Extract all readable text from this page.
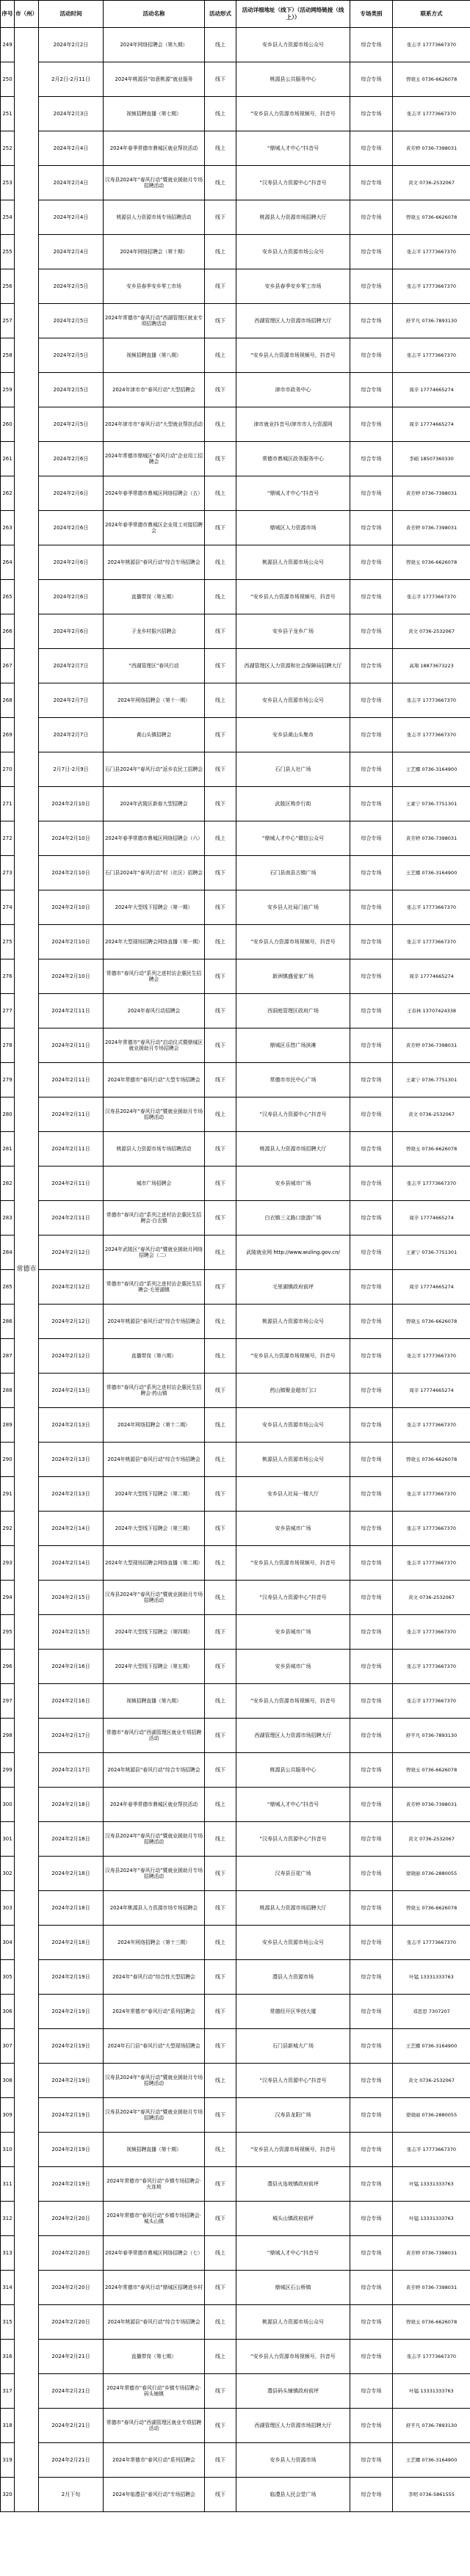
序号	市（州）	活动时间	活动名称	活动形式	活动详细地址（线下）（活动网络链接（线上））	专场类别	联系方式
249	常德市	2024年2月2日	2024年网络招聘会（第九期）	线上	安乡县人力资源市场公众号	综合专场	张志平 17773667370
250		2月2日-2月11日	2024年桃源县“如意桃源”就业服务	线下	桃源县公共服务中心	综合专场	曾晓玉 0736-6626078
251		2024年2月3日	视频招聘直播（第七期）	线上	“安乡县人力资源市场视频号，抖音号	综合专场	张志平 17773667370
252		2024年2月4日	2024年春季常德市鼎城区就业帮扶活动	线上	“鼎城人才中心”抖音号	综合专场	黄芳婷 0736-7398031
253		2024年2月4日	汉寿县2024年“春风行动”暨就业援助月专场招聘活动	线上	“汉寿县人力资源中心”抖音号	综合专场	黄文 0736-2532067
254		2024年2月4日	桃源县人力资源市场专场招聘活动	线下	桃源县人力资源市场招聘大厅	综合专场	曾晓玉 0736-6626078
255		2024年2月4日	2024年网络招聘会（第十期）	线上	安乡县人力资源市场公众号	综合专场	张志平 17773667370
256		2024年2月5日	安乡县春季安乡零工市场	线下	安乡县春季安乡零工市场	综合专场	张志平 17773667370
257		2024年2月5日	2024年常德市“春风行动”西湖管理区就业专项招聘活动	线下	西湖管理区人力资源市场招聘大厅	综合专场	舒平凡 0736-7893130
258		2024年2月5日	视频招聘直播（第八期）	线上	“安乡县人力资源市场视频号，抖音号	综合专场	张志平 17773667370
259		2024年2月5日	2024年津市市“春风行动”大型招聘会	线下	津市市政务中心	综合专场	周辛 17774665274
260		2024年2月5日	2024年津市市“春风行动”大型就业帮扶活动	线上	津市就业抖音号/津市市人力资源网	综合专场	周辛 17774665274
261		2024年2月6日	2024年常德市鼎城区“春风行动”企业用工招聘会	线下	常德市鼎城区政务服务中心	综合专场	李硕 18507360330
262		2024年2月6日	2024年春季常德市鼎城区网络招聘会（五）	线上	“鼎城人才中心”抖音号	综合专场	黄芳婷 0736-7398031
263		2024年2月6日	2024年春季常德市鼎城区企业用工对接招聘会	线下	鼎城区人力资源市场	综合专场	黄芳婷 0736-7398031
264		2024年2月6日	2024年桃源县“春风行动”综合专场招聘会	线上	桃源县人力资源市场公众号	综合专场	曾晓玉 0736-6626078
265		2024年2月6日	直播带岗（第五期）	线上	“安乡县人力资源市场视频号，抖音号	综合专场	张志平 17773667370
266		2024年2月6日	子龙乡村振兴招聘会	线下	安乡县子龙乡广场	综合专场	黄文 0736-2532067
267		2024年2月7日	“西湖管理区”春风行动	线下	西湖管理区人力资源和社会保障局招聘大厅	综合专场	高翔 18873673223
268		2024年2月7日	2024年网络招聘会（第十一期）	线上	安乡县人力资源市场公众号	综合专场	张志平 17773667370
269		2024年2月7日	黄山头镇招聘会	线下	安乡县黄山头集市	综合专场	张志平 17773667370
270		2月7日-2月9日	石门县2024年“春风行动”返乡农民工招聘会	线下	石门县人社广场	综合专场	王艺娜 0736-3164900
271		2024年2月10日	2024年武陵区新春大型招聘会	线下	武陵区购步行街	综合专场	王素宁 0736-7751301
272		2024年2月10日	2024年春季常德市鼎城区网络招聘会（六）	线上	“鼎城人才中心”微信公众号	综合专场	黄芳婷 0736-7398031
273		2024年2月10日	石门县2024年“春风行动”村（社区）招聘会	线下	石门县南县古镇广场	综合专场	王艺娜 0736-3164900
274		2024年2月10日	2024年大型线下招聘会（第一期）	线下	安乡县人社局门前广场	综合专场	张志平 17773667370
275		2024年2月10日	2024年大型现场招聘会网络直播（第一期）	线上	“安乡县人力资源市场视频号，抖音号	综合专场	张志平 17773667370
276		2024年2月10日	常德市“春风行动”系列之进村访企惠民生招聘会	线下	新洲镇盛爱家广场	综合专场	周辛 17774665274
277		2024年2月11日	2024年春风行动招聘会	线下	西洞庭管理区政府广场	综合专场	王春林 13707424338
278		2024年2月11日	2024年常德市“春风行动”启动仪式暨鼎城区就业援助月专场招聘会	线下	鼎城区乐悠广场滨滩	综合专场	黄芳婷 0736-7398031
279		2024年2月11日	2024年常德市“春风行动”大型专场招聘会	线下	常德市市民中心广场	综合专场	王素宁 0736-7751301
280		2024年2月11日	汉寿县2024年“春风行动”暨就业援助月专场招聘活动	线上	“汉寿县人力资源中心”抖音号	综合专场	黄文 0736-2532067
281		2024年2月11日	桃源县人力资源市场专场招聘活动	线下	桃源县人力资源市场招聘大厅	综合专场	曾晓玉 0736-6626078
282		2024年2月11日	城市广场招聘会	线下	安乡县城市广场	综合专场	张志平 17773667370
283		2024年2月11日	常德市“春风行动”系列之进村访企惠民生招聘会·白衣镇	线下	白衣镇三义路口旅游广场	综合专场	周辛 17774665274
284		2024年2月12日	2024年武陵区“春风行动”暨就业援助月网络招聘会（二）	线上	武陵就业网 http://www.wuling.gov.cn/	综合专场	王素宁 0736-7751301
285		2024年2月12日	常德市“春风行动”系列之进村访企惠民生招聘会·毛里湖镇	线下	毛里湖镇政府前坪	综合专场	周辛 17774665274
286		2024年2月12日	2024年桃源县“春风行动”综合专场招聘会	线上	桃源县人力资源市场公众号	综合专场	曾晓玉 0736-6626078
287		2024年2月12日	直播带岗（第六期）	线上	“安乡县人力资源市场视频号，抖音号	综合专场	张志平 17773667370
288		2024年2月13日	常德市“春风行动”系列之进村访企惠民生招聘会·药山镇	线下	药山镇聚金超市门口	综合专场	周辛 17774665274
289		2024年2月13日	2024年网络招聘会（第十二期）	线上	安乡县人力资源市场公众号	综合专场	张志平 17773667370
290		2024年2月13日	2024年桃源县“春风行动”综合专场招聘会	线上	桃源县人力资源市场公众号	综合专场	曾晓玉 0736-6626078
291		2024年2月13日	2024年大型线下招聘会（第二期）	线下	安乡县人社局一楼大厅	综合专场	张志平 17773667370
292		2024年2月14日	2024年大型线下招聘会（第三期）	线下	安乡县城市广场	综合专场	张志平 17773667370
293		2024年2月14日	2024年大型现场招聘会网络直播（第二期）	线上	“安乡县人力资源市场视频号，抖音号	综合专场	张志平 17773667370
294		2024年2月15日	汉寿县2024年“春风行动”暨就业援助月专场招聘活动	线上	“汉寿县人力资源中心”抖音号	综合专场	黄文 0736-2532067
295		2024年2月15日	2024年大型线下招聘会（第四期）	线下	安乡县城市广场	综合专场	张志平 17773667370
296		2024年2月16日	2024年大型线下招聘会（第五期）	线下	安乡县城市广场	综合专场	张志平 17773667370
297		2024年2月16日	视频招聘直播（第九期）	线上	“安乡县人力资源市场视频号，抖音号	综合专场	张志平 17773667370
298		2024年2月17日	常德市“春风行动”西湖管理区就业专项招聘活动	线下	西湖管理区人力资源市场招聘大厅	综合专场	舒平凡 0736-7893130
299		2024年2月17日	2024年桃源县“春风行动”综合专场招聘会	线下	桃源县公共服务中心	综合专场	曾晓玉 0736-6626078
300		2024年2月18日	2024年春季常德市鼎城区就业帮扶活动	线上	“鼎城人才中心”抖音号	综合专场	黄芳婷 0736-7398031
301		2024年2月18日	汉寿县2024年“春风行动”暨就业援助月专场招聘活动	线上	“汉寿县人力资源中心”抖音号	综合专场	黄文 0736-2532067
302		2024年2月18日	汉寿县2024年“春风行动”暨就业援助月专场招聘活动	线下	汉寿县百花广场	综合专场	蒙晓丽 0736-2880055
303		2024年2月18日	2024年桃源县人力资源市场专场招聘会	线下	桃源县人力资源市场招聘大厅	综合专场	曾晓玉 0736-6626078
304		2024年2月18日	2024年网络招聘会（第十三期）	线上	安乡县人力资源市场公众号	综合专场	张志平 17773667370
305		2024年2月19日	2024年“春风行动”综合性大型招聘会	线下	澧县人力资源市场	综合专场	叶锰 13331333763
306		2024年2月19日	2024年常德市“春风行动”系列招聘会	线下	常德经开区华创大厦	综合专场	邓思思 7307207
307		2024年2月19日	2024年石门县“春风行动”大型现场招聘会	线下	石门县新城大广场	综合专场	王艺娜 0736-3164900
308		2024年2月19日	汉寿县2024年“春风行动”暨就业援助月专场招聘活动	线上	“汉寿县人力资源中心”抖音号	综合专场	黄文 0736-2532067
309		2024年2月19日	汉寿县2024年“春风行动”暨就业援助月专场招聘活动	线下	汉寿县龙阳广场	综合专场	蒙晓丽 0736-2880055
310		2024年2月19日	视频招聘直播（第十期）	线上	“安乡县人力资源市场视频号，抖音号	综合专场	张志平 17773667370
311		2024年2月19日	2024年常德市“春风行动”乡镇专场招聘会·火连坡	线下	澧县火连坡镇政府前坪	综合专场	叶锰 13331333763
312		2024年2月20日	2024年常德市“春风行动”乡镇专场招聘会·城头山镇	线下	城头山镇政府前坪	综合专场	叶锰 13331333763
313		2024年2月20日	2024年春季常德市鼎城区网络招聘会（七）	线上	“鼎城人才中心”抖音号	综合专场	黄芳婷 0736-7398031
314		2024年2月20日	2024年常德市“春风行动”鼎城区招聘进乡村	线下	鼎城区石公桥镇	综合专场	黄芳婷 0736-7398031
315		2024年2月20日	2024年桃源县“春风行动”综合专场招聘会	线上	桃源县人力资源市场公众号	综合专场	曾晓玉 0736-6626078
316		2024年2月21日	直播带岗（第七期）	线上	“安乡县人力资源市场视频号，抖音号	综合专场	张志平 17773667370
317		2024年2月21日	2024年常德市“春风行动”乡镇专场招聘会·码头铺镇	线下	澧县码头铺镇政府前坪	综合专场	叶锰 13331333763
318		2024年2月21日	常德市“春风行动”西湖管理区就业专项招聘活动	线下	西湖管理区人力资源市场招聘大厅	综合专场	舒平凡 0736-7893130
319		2024年2月21日	2024年常德市“春风行动”系列招聘会	线下	安乡县人力资源市场	综合专场	王艺娜 0736-3164900
320		2月下旬	2024年临澧县“春风行动”专场招聘会	线下	临澧县人民会堂广场	综合专场	李明 0736-5861555
